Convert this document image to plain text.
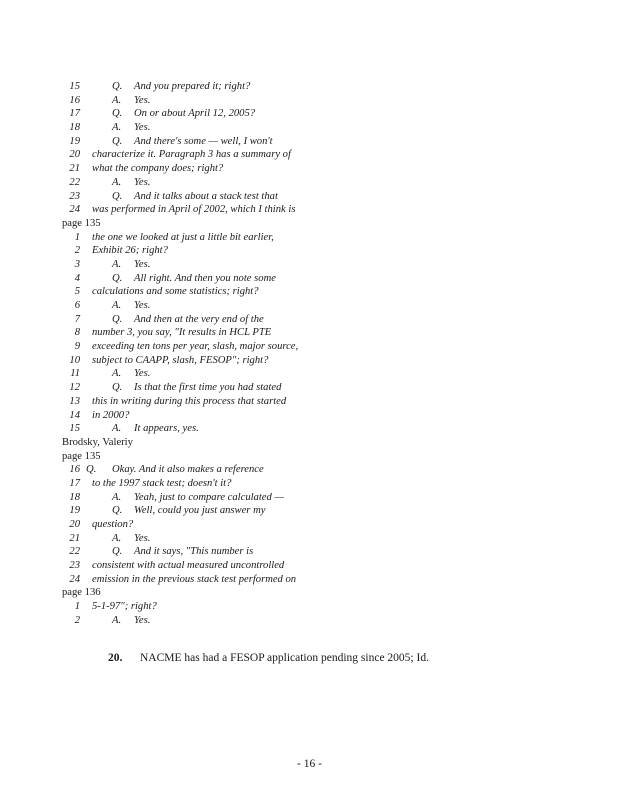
15	Q. And you prepared it; right?
16	A. Yes.
17	Q. On or about April 12, 2005?
18	A. Yes.
19	Q. And there's some — well, I won't
20 characterize it. Paragraph 3 has a summary of
21 what the company does; right?
22	A. Yes.
23	Q. And it talks about a stack test that
24 was performed in April of 2002, which I think is
page 135
1 the one we looked at just a little bit earlier,
2 Exhibit 26; right?
3	A. Yes.
4	Q. All right. And then you note some
5 calculations and some statistics; right?
6	A. Yes.
7	Q. And then at the very end of the
8 number 3, you say, "It results in HCL PTE
9 exceeding ten tons per year, slash, major source,
10 subject to CAAPP, slash, FESOP"; right?
11	A. Yes.
12	Q. Is that the first time you had stated
13 this in writing during this process that started
14 in 2000?
15	A. It appears, yes.
Brodsky, Valeriy
page 135
16 Q. Okay. And it also makes a reference
17 to the 1997 stack test; doesn't it?
18	A. Yeah, just to compare calculated —
19	Q. Well, could you just answer my
20 question?
21	A. Yes.
22	Q. And it says, "This number is
23 consistent with actual measured uncontrolled
24 emission in the previous stack test performed on
page 136
1 5-1-97"; right?
2	A. Yes.
20. NACME has had a FESOP application pending since 2005; Id.
- 16 -
